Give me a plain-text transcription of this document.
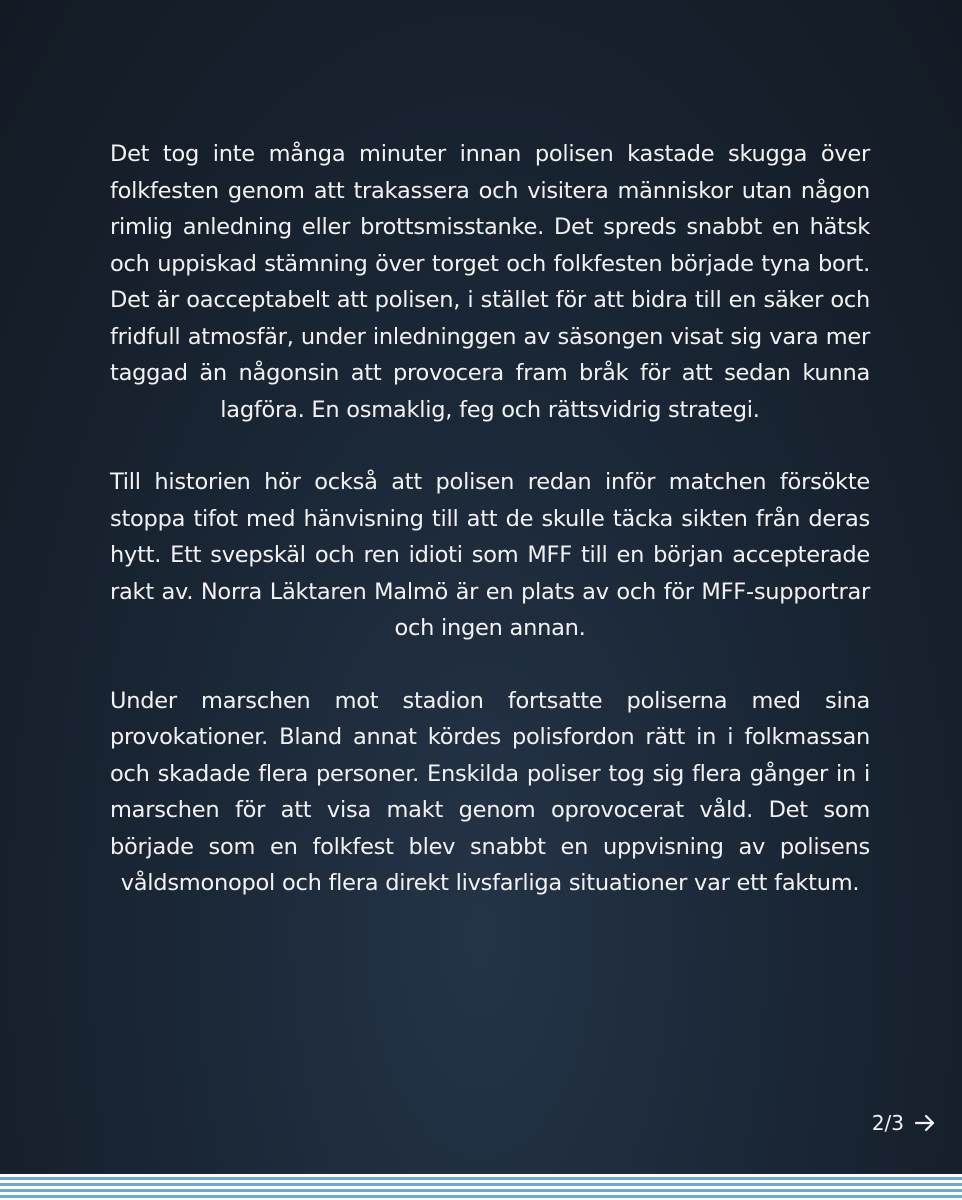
Det tog inte många minuter innan polisen kastade skugga över folkfesten genom att trakassera och visitera människor utan någon rimlig anledning eller brottsmisstanke. Det spreds snabbt en hätsk och uppiskad stämning över torget och folkfesten började tyna bort. Det är oacceptabelt att polisen, i stället för att bidra till en säker och fridfull atmosfär, under inledninggen av säsongen visat sig vara mer taggad än någonsin att provocera fram bråk för att sedan kunna lagföra. En osmaklig, feg och rättsvidrig strategi.

Till historien hör också att polisen redan inför matchen försökte stoppa tifot med hänvisning till att de skulle täcka sikten från deras hytt. Ett svepskäl och ren idioti som MFF till en början accepterade rakt av. Norra Läktaren Malmö är en plats av och för MFF-supportrar och ingen annan.

Under marschen mot stadion fortsatte poliserna med sina provokationer. Bland annat kördes polisfordon rätt in i folkmassan och skadade flera personer. Enskilda poliser tog sig flera gånger in i marschen för att visa makt genom oprovocerat våld. Det som började som en folkfest blev snabbt en uppvisning av polisens våldsmonopol och flera direkt livsfarliga situationer var ett faktum.

2/3
